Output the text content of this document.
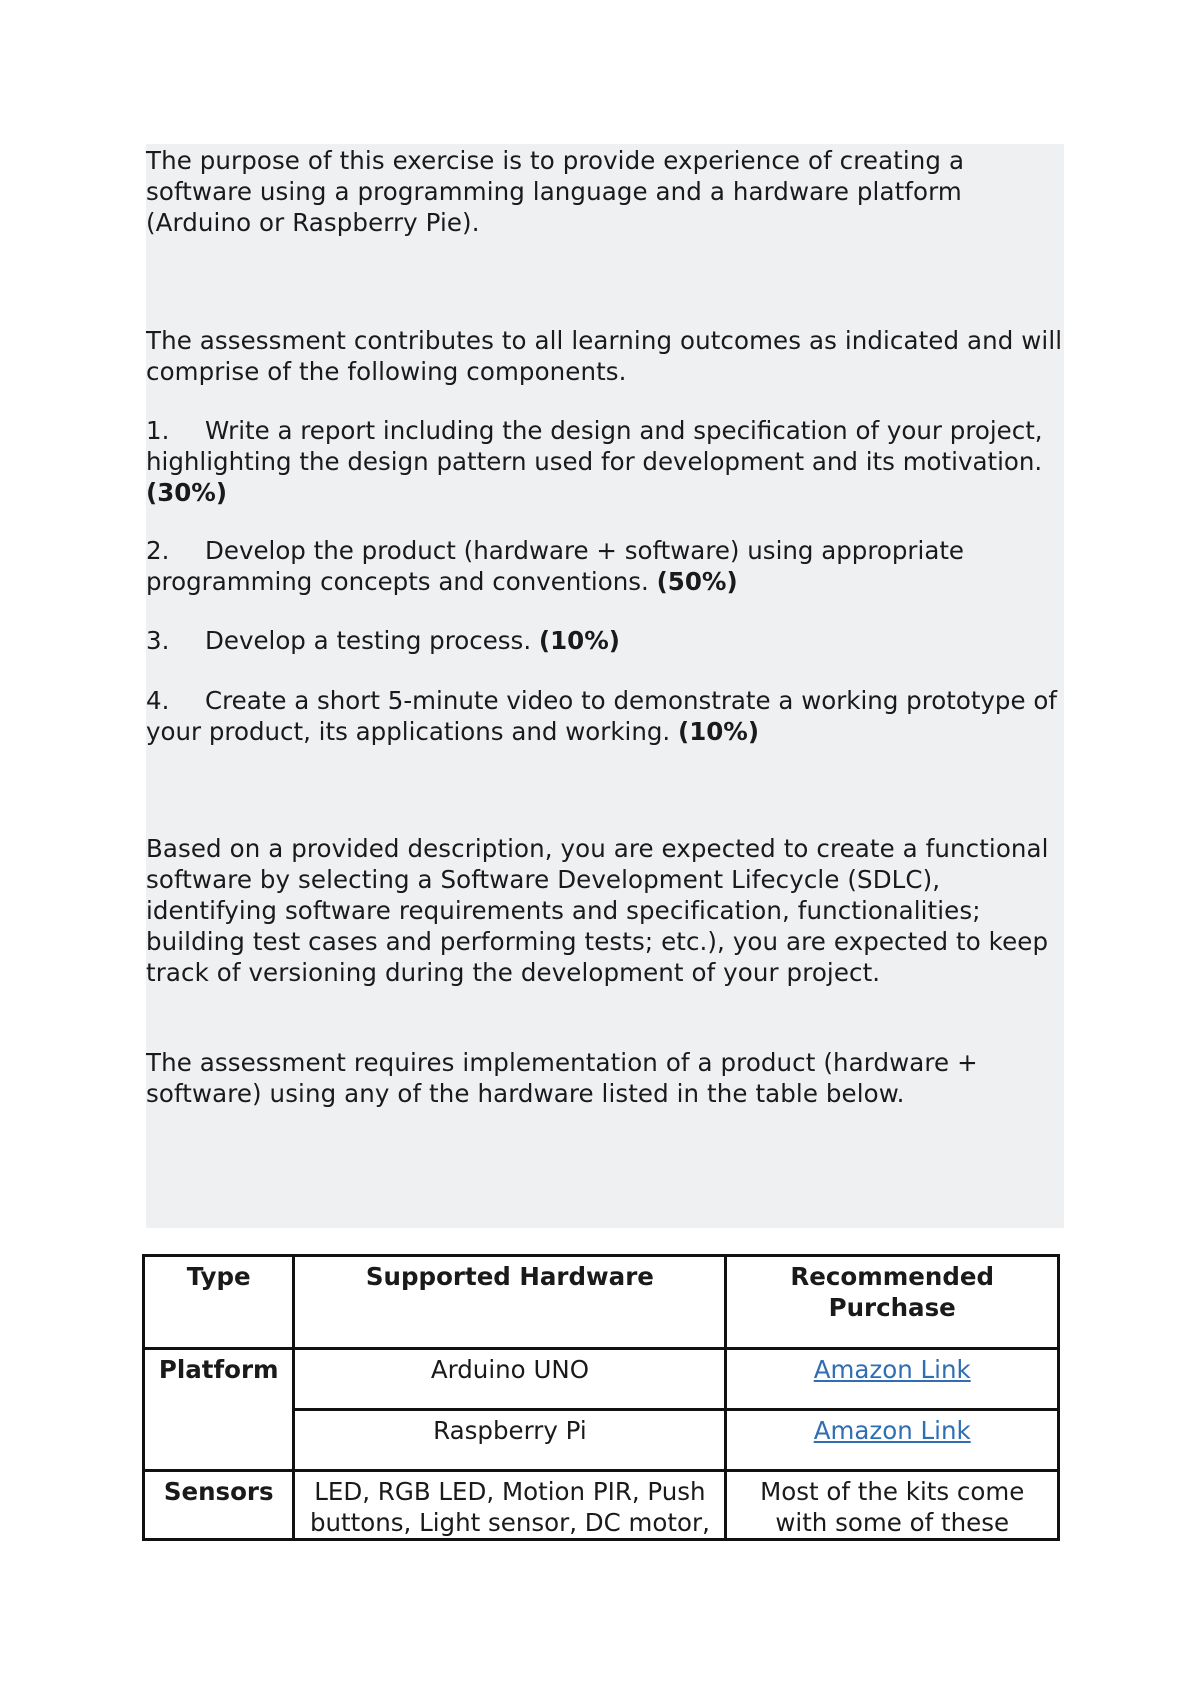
The purpose of this exercise is to provide experience of creating a software using a programming language and a hardware platform (Arduino or Raspberry Pie).

The assessment contributes to all learning outcomes as indicated and will comprise of the following components.

1. Write a report including the design and specification of your project, highlighting the design pattern used for development and its motivation. (30%)
2. Develop the product (hardware + software) using appropriate programming concepts and conventions. (50%)
3. Develop a testing process. (10%)
4. Create a short 5-minute video to demonstrate a working prototype of your product, its applications and working. (10%)

Based on a provided description, you are expected to create a functional software by selecting a Software Development Lifecycle (SDLC), identifying software requirements and specification, functionalities; building test cases and performing tests; etc.), you are expected to keep track of versioning during the development of your project.

The assessment requires implementation of a product (hardware + software) using any of the hardware listed in the table below.

Type	Supported Hardware	Recommended Purchase
Platform	Arduino UNO	Amazon Link
	Raspberry Pi	Amazon Link
Sensors	LED, RGB LED, Motion PIR, Push buttons, Light sensor, DC motor,	Most of the kits come with some of these
